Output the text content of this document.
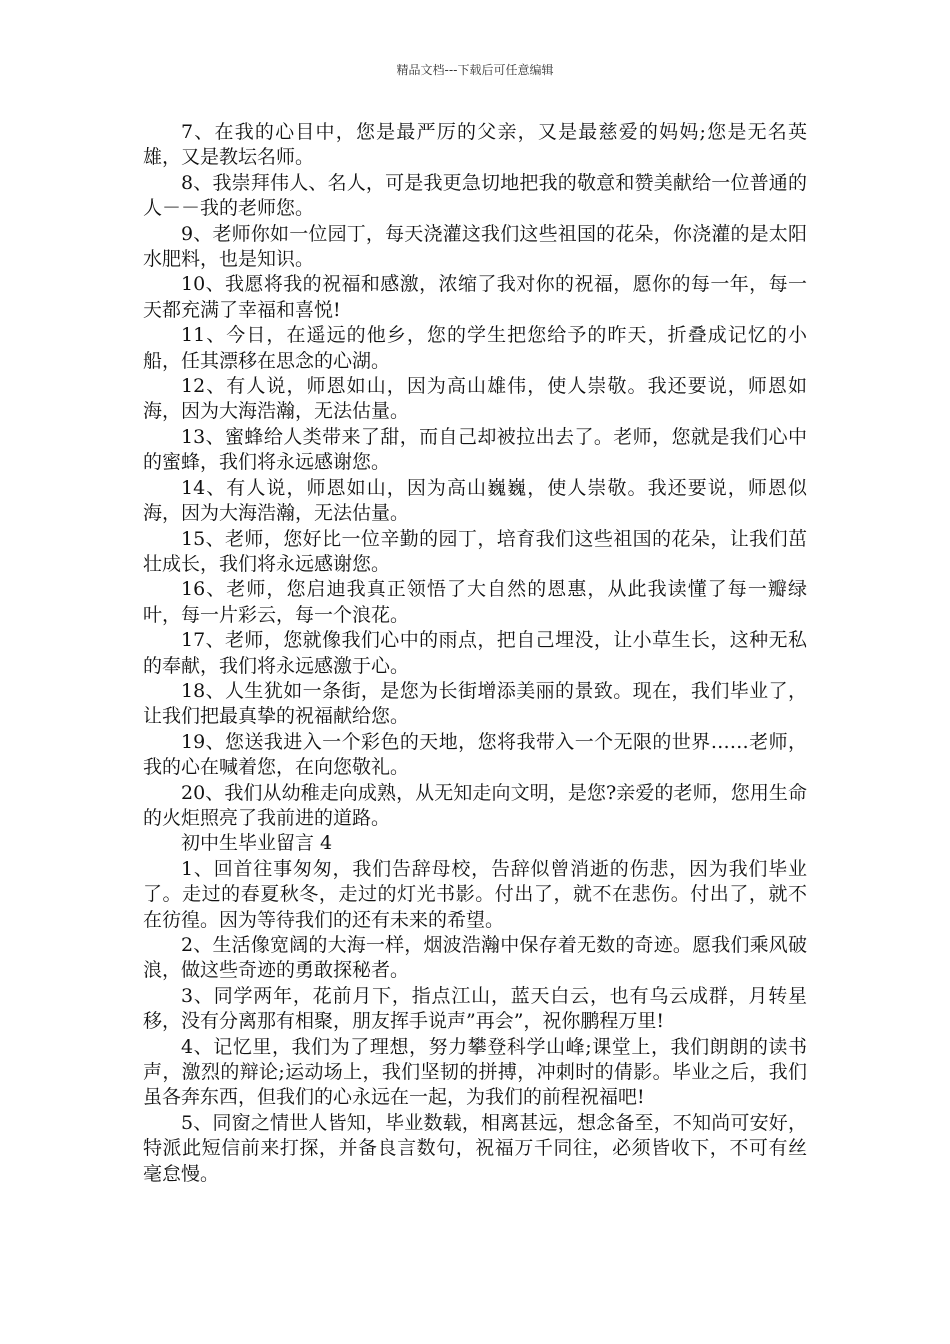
精品文档---下载后可任意编辑

7、在我的心目中，您是最严厉的父亲，又是最慈爱的妈妈;您是无名英雄，又是教坛名师。

8、我崇拜伟人、名人，可是我更急切地把我的敬意和赞美献给一位普通的人－－我的老师您。

9、老师你如一位园丁，每天浇灌这我们这些祖国的花朵，你浇灌的是太阳水肥料，也是知识。

10、我愿将我的祝福和感激，浓缩了我对你的祝福，愿你的每一年，每一天都充满了幸福和喜悦!

11、今日，在遥远的他乡，您的学生把您给予的昨天，折叠成记忆的小船，任其漂移在思念的心湖。

12、有人说，师恩如山，因为高山雄伟，使人崇敬。我还要说，师恩如海，因为大海浩瀚，无法估量。

13、蜜蜂给人类带来了甜，而自己却被拉出去了。老师，您就是我们心中的蜜蜂，我们将永远感谢您。

14、有人说，师恩如山，因为高山巍巍，使人崇敬。我还要说，师恩似海，因为大海浩瀚，无法估量。

15、老师，您好比一位辛勤的园丁，培育我们这些祖国的花朵，让我们茁壮成长，我们将永远感谢您。

16、老师，您启迪我真正领悟了大自然的恩惠，从此我读懂了每一瓣绿叶，每一片彩云，每一个浪花。

17、老师，您就像我们心中的雨点，把自己埋没，让小草生长，这种无私的奉献，我们将永远感激于心。

18、人生犹如一条街，是您为长街增添美丽的景致。现在，我们毕业了，让我们把最真挚的祝福献给您。

19、您送我进入一个彩色的天地，您将我带入一个无限的世界……老师，我的心在喊着您，在向您敬礼。

20、我们从幼稚走向成熟，从无知走向文明，是您?亲爱的老师，您用生命的火炬照亮了我前进的道路。

初中生毕业留言 4

1、回首往事匆匆，我们告辞母校，告辞似曾消逝的伤悲，因为我们毕业了。走过的春夏秋冬，走过的灯光书影。付出了，就不在悲伤。付出了，就不在彷徨。因为等待我们的还有未来的希望。

2、生活像宽阔的大海一样，烟波浩瀚中保存着无数的奇迹。愿我们乘风破浪，做这些奇迹的勇敢探秘者。

3、同学两年，花前月下，指点江山，蓝天白云，也有乌云成群，月转星移，没有分离那有相聚，朋友挥手说声”再会”，祝你鹏程万里!

4、记忆里，我们为了理想，努力攀登科学山峰;课堂上，我们朗朗的读书声，激烈的辩论;运动场上，我们坚韧的拼搏，冲刺时的倩影。毕业之后，我们虽各奔东西，但我们的心永远在一起，为我们的前程祝福吧!

5、同窗之情世人皆知，毕业数载，相离甚远，想念备至，不知尚可安好，特派此短信前来打探，并备良言数句，祝福万千同往，必须皆收下，不可有丝毫怠慢。
